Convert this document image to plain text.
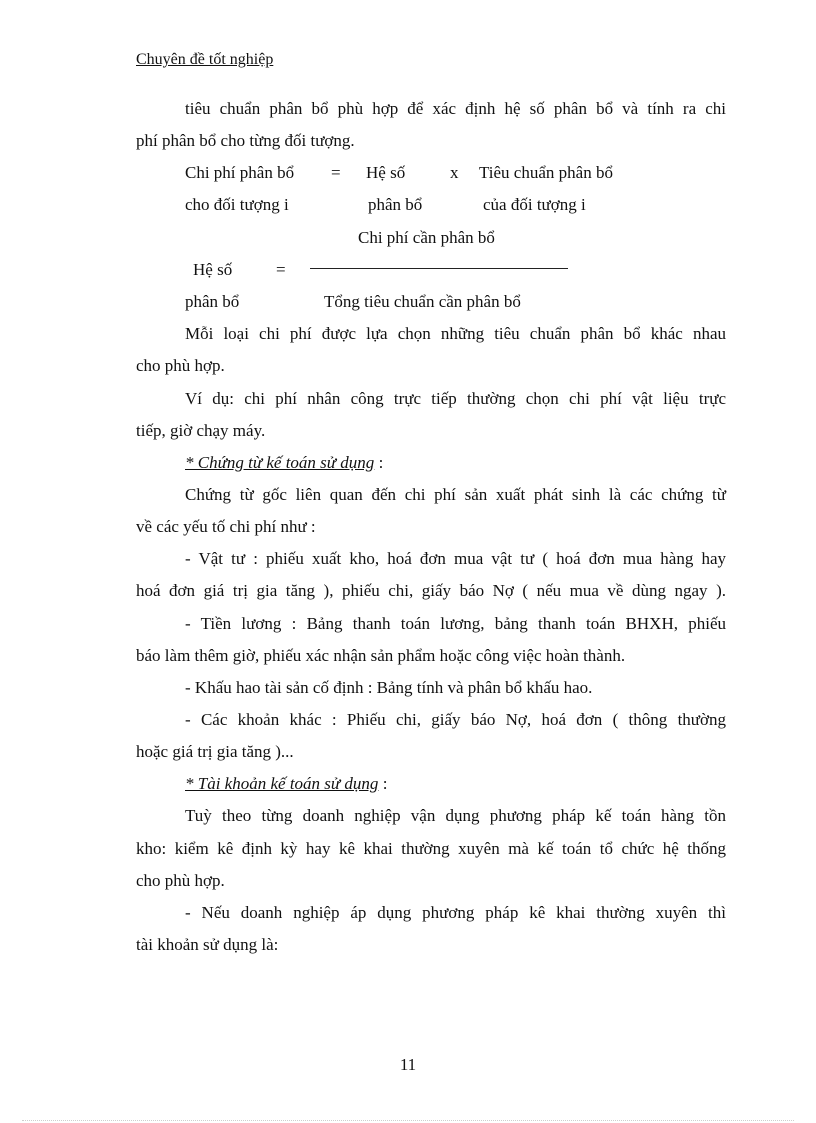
Chuyên đề tốt nghiệp
tiêu chuẩn phân bổ phù hợp để xác định hệ số phân bổ và tính ra chi
phí phân bổ cho từng đối tượng.
Chi phí phân bổ = Hệ số	x Tiêu chuẩn phân bổ
cho đối tượng i	phân bổ	của đối tượng i
Chi phí cần phân bổ
Hệ số	=
phân bổ	Tổng tiêu chuẩn cần phân bổ
Mỗi loại chi phí được lựa chọn những tiêu chuẩn phân bổ khác nhau
cho phù hợp.
Ví dụ: chi phí nhân công trực tiếp thường chọn chi phí vật liệu trực
tiếp, giờ chạy máy.
* Chứng từ kế toán sử dụng :
Chứng từ gốc liên quan đến chi phí sản xuất phát sinh là các chứng từ
về các yếu tố chi phí như :
- Vật tư : phiếu xuất kho, hoá đơn mua vật tư ( hoá đơn mua hàng hay
hoá đơn giá trị gia tăng ), phiếu chi, giấy báo Nợ ( nếu mua về dùng ngay ).
- Tiền lương : Bảng thanh toán lương, bảng thanh toán BHXH, phiếu
báo làm thêm giờ, phiếu xác nhận sản phẩm hoặc công việc hoàn thành.
- Khấu hao tài sản cố định : Bảng tính và phân bổ khấu hao.
- Các khoản khác : Phiếu chi, giấy báo Nợ, hoá đơn ( thông thường
hoặc giá trị gia tăng )...
* Tài khoản kế toán sử dụng :
Tuỳ theo từng doanh nghiệp vận dụng phương pháp kế toán hàng tồn
kho: kiểm kê định kỳ hay kê khai thường xuyên mà kế toán tổ chức hệ thống
cho phù hợp.
- Nếu doanh nghiệp áp dụng phương pháp kê khai thường xuyên thì
tài khoản sử dụng là:
11
